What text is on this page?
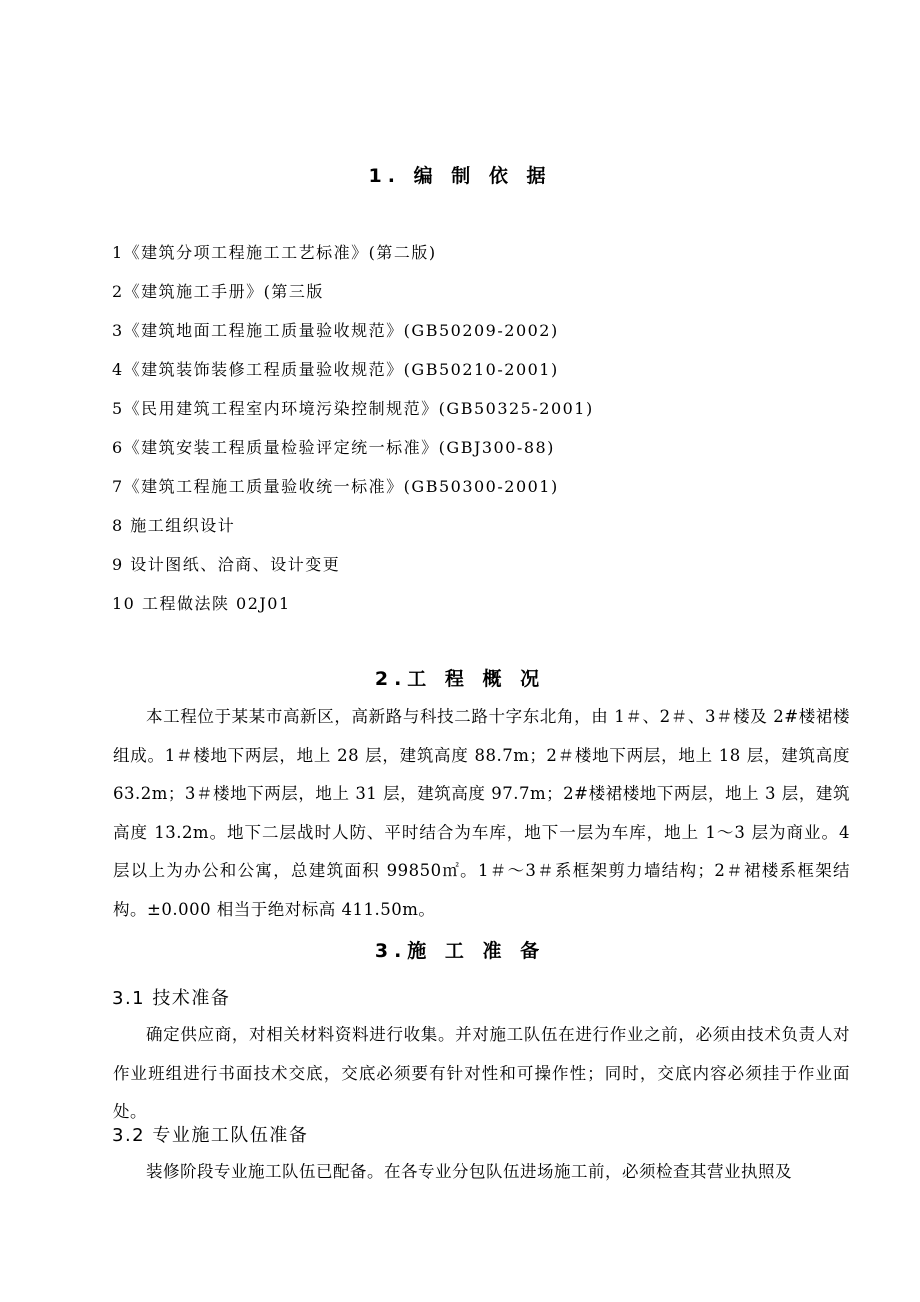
1. 编 制 依 据
1《建筑分项工程施工工艺标准》(第二版)
2《建筑施工手册》(第三版
3《建筑地面工程施工质量验收规范》(GB50209-2002)
4《建筑装饰装修工程质量验收规范》(GB50210-2001)
5《民用建筑工程室内环境污染控制规范》(GB50325-2001)
6《建筑安装工程质量检验评定统一标准》(GBJ300-88)
7《建筑工程施工质量验收统一标准》(GB50300-2001)
8 施工组织设计
9 设计图纸、洽商、设计变更
10 工程做法陕 02J01
2.工 程 概 况

本工程位于某某市高新区，高新路与科技二路十字东北角，由 1＃、2＃、3＃楼及 2#楼裙楼组成。1＃楼地下两层，地上 28 层，建筑高度 88.7m；2＃楼地下两层，地上 18 层，建筑高度 63.2m；3＃楼地下两层，地上 31 层，建筑高度 97.7m；2#楼裙楼地下两层，地上 3 层，建筑高度 13.2m。地下二层战时人防、平时结合为车库，地下一层为车库，地上 1～3 层为商业。4 层以上为办公和公寓，总建筑面积 99850㎡。1＃～3＃系框架剪力墙结构；2＃裙楼系框架结构。±0.000 相当于绝对标高 411.50m。

3.施 工 准 备
3.1 技术准备

确定供应商，对相关材料资料进行收集。并对施工队伍在进行作业之前，必须由技术负责人对作业班组进行书面技术交底，交底必须要有针对性和可操作性；同时，交底内容必须挂于作业面处。

3.2 专业施工队伍准备

装修阶段专业施工队伍已配备。在各专业分包队伍进场施工前，必须检查其营业执照及
